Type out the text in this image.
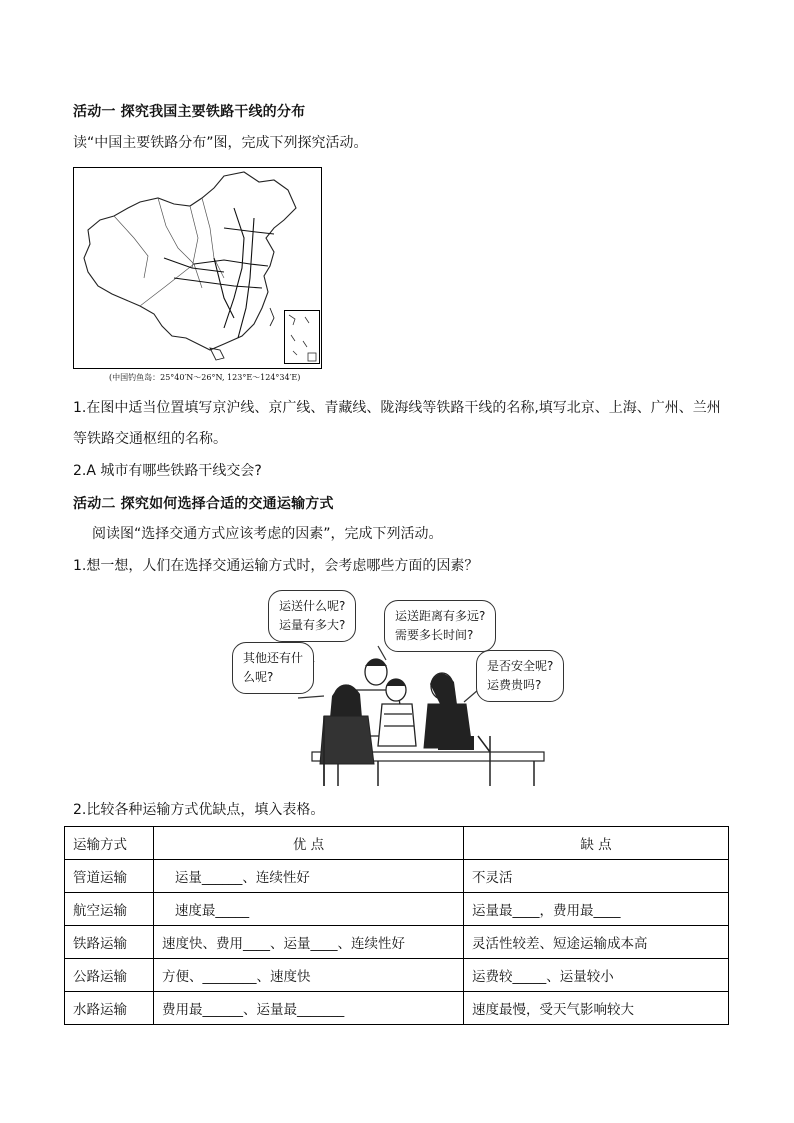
活动一 探究我国主要铁路干线的分布
读“中国主要铁路分布”图，完成下列探究活动。
(中国钓鱼岛：25°40′N～26°N, 123°E～124°34′E)
1.在图中适当位置填写京沪线、京广线、青藏线、陇海线等铁路干线的名称,填写北京、上海、广州、兰州
等铁路交通枢纽的名称。
2.A 城市有哪些铁路干线交会?
活动二 探究如何选择合适的交通运输方式
阅读图“选择交通方式应该考虑的因素”，完成下列活动。
1.想一想，人们在选择交通运输方式时，会考虑哪些方面的因素？
运送什么呢?
运量有多大?
运送距离有多远?
需要多长时间?
其他还有什
么呢?
是否安全呢?
运费贵吗?
2.比较各种运输方式优缺点，填入表格。
运输方式	优 点	缺 点
管道运输	运量______、连续性好	不灵活
航空运输	速度最_____	运量最____，费用最____
铁路运输	速度快、费用____、运量____、连续性好	灵活性较差、短途运输成本高
公路运输	方便、________、速度快	运费较_____、运量较小
水路运输	费用最______、运量最_______	速度最慢，受天气影响较大
